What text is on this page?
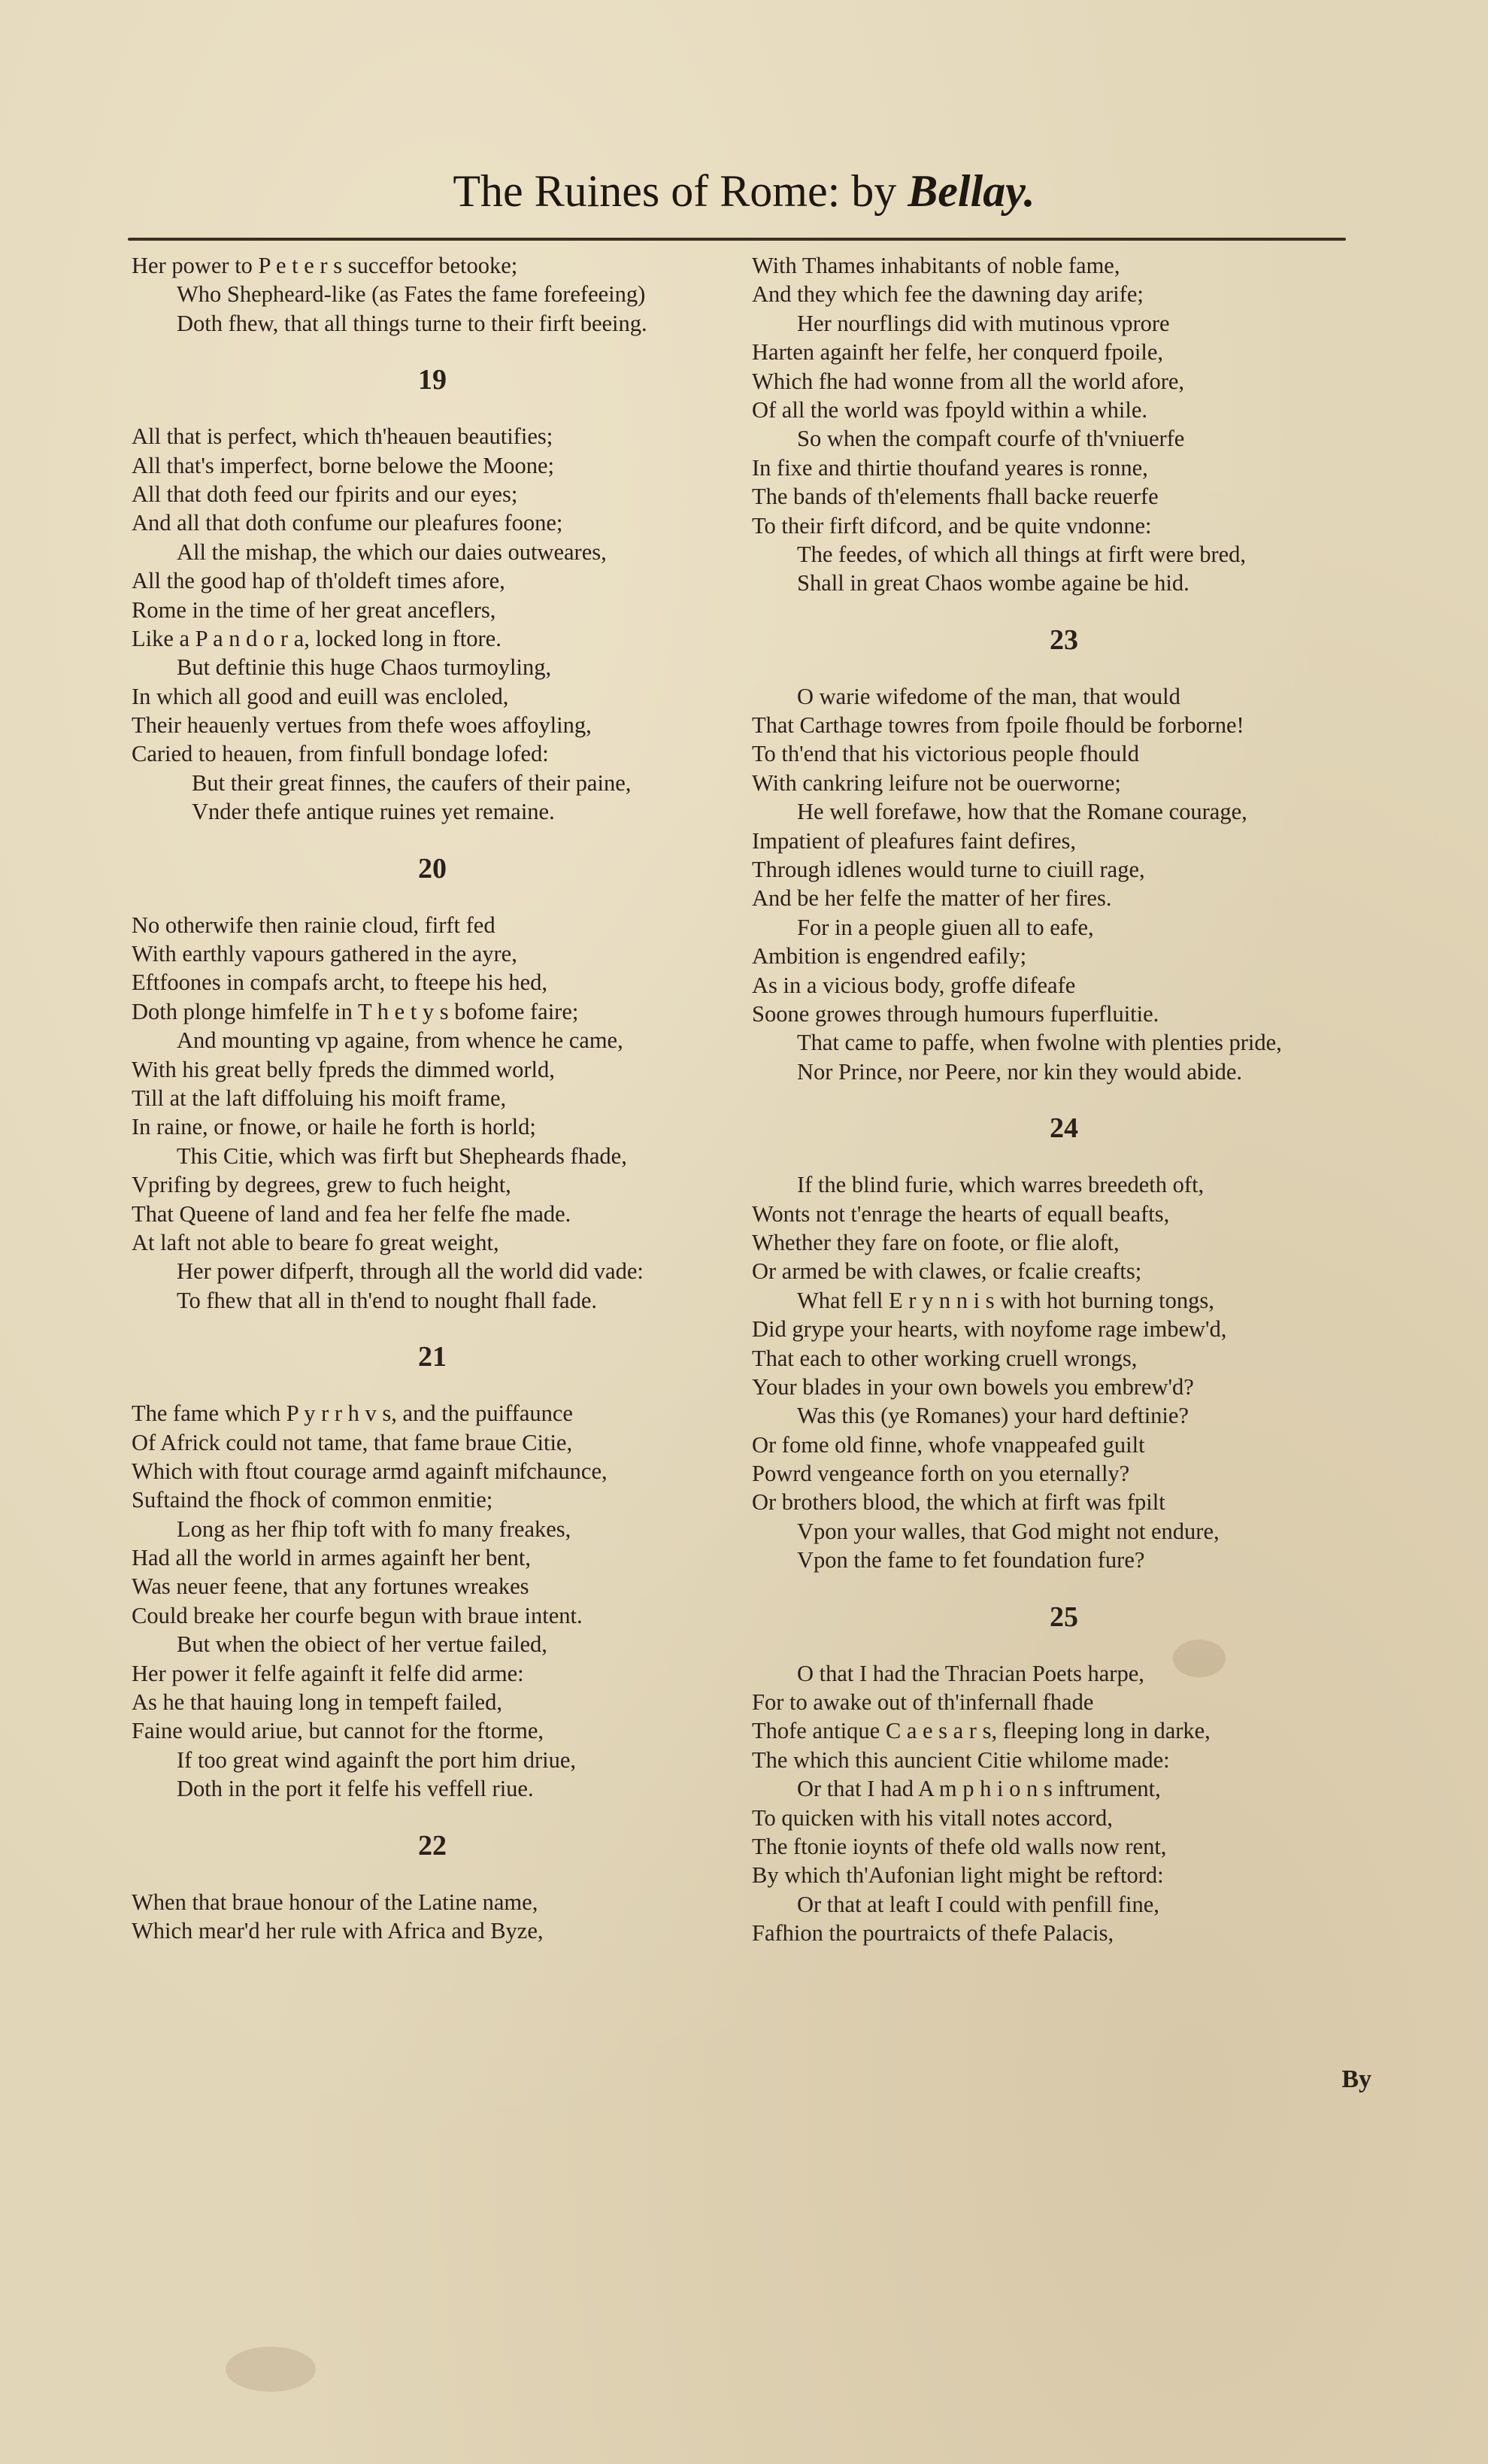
The Ruines of Rome: by Bellay.
Her power to P e t e r s succeffor betooke;
Who Shepheard-like (as Fates the fame forefeeing)
Doth fhew, that all things turne to their firft beeing.
19
All that is perfect, which th'heauen beautifies;
All that's imperfect, borne belowe the Moone;
All that doth feed our fpirits and our eyes;
And all that doth confume our pleafures foone;
All the mishap, the which our daies outweares,
All the good hap of th'oldeft times afore,
Rome in the time of her great anceflers,
Like a P a n d o r a, locked long in ftore.
But deftinie this huge Chaos turmoyling,
In which all good and euill was encloled,
Their heauenly vertues from thefe woes affoyling,
Caried to heauen, from finfull bondage lofed:
But their great finnes, the caufers of their paine,
Vnder thefe antique ruines yet remaine.
20
No otherwife then rainie cloud, firft fed
With earthly vapours gathered in the ayre,
Eftfoones in compafs archt, to fteepe his hed,
Doth plonge himfelfe in T h e t y s bofome faire;
And mounting vp againe, from whence he came,
With his great belly fpreds the dimmed world,
Till at the laft diffoluing his moift frame,
In raine, or fnowe, or haile he forth is horld;
This Citie, which was firft but Shepheards fhade,
Vprifing by degrees, grew to fuch height,
That Queene of land and fea her felfe fhe made.
At laft not able to beare fo great weight,
Her power difperft, through all the world did vade:
To fhew that all in th'end to nought fhall fade.
21
The fame which P y r r h v s, and the puiffaunce
Of Africk could not tame, that fame braue Citie,
Which with ftout courage armd againft mifchaunce,
Suftaind the fhock of common enmitie;
Long as her fhip toft with fo many freakes,
Had all the world in armes againft her bent,
Was neuer feene, that any fortunes wreakes
Could breake her courfe begun with braue intent.
But when the obiect of her vertue failed,
Her power it felfe againft it felfe did arme:
As he that hauing long in tempeft failed,
Faine would ariue, but cannot for the ftorme,
If too great wind againft the port him driue,
Doth in the port it felfe his veffell riue.
22
When that braue honour of the Latine name,
Which mear'd her rule with Africa and Byze,
With Thames inhabitants of noble fame,
And they which fee the dawning day arife;
Her nourflings did with mutinous vprore
Harten againft her felfe, her conquerd fpoile,
Which fhe had wonne from all the world afore,
Of all the world was fpoyld within a while.
So when the compaft courfe of th'vniuerfe
In fixe and thirtie thoufand yeares is ronne,
The bands of th'elements fhall backe reuerfe
To their firft difcord, and be quite vndonne:
The feedes, of which all things at firft were bred,
Shall in great Chaos wombe againe be hid.
23
O warie wifedome of the man, that would
That Carthage towres from fpoile fhould be forborne!
To th'end that his victorious people fhould
With cankring leifure not be ouerworne;
He well forefawe, how that the Romane courage,
Impatient of pleafures faint defires,
Through idlenes would turne to ciuill rage,
And be her felfe the matter of her fires.
For in a people giuen all to eafe,
Ambition is engendred eafily;
As in a vicious body, groffe difeafe
Soone growes through humours fuperfluitie.
That came to paffe, when fwolne with plenties pride,
Nor Prince, nor Peere, nor kin they would abide.
24
If the blind furie, which warres breedeth oft,
Wonts not t'enrage the hearts of equall beafts,
Whether they fare on foote, or flie aloft,
Or armed be with clawes, or fcalie creafts;
What fell E r y n n i s with hot burning tongs,
Did grype your hearts, with noyfome rage imbew'd,
That each to other working cruell wrongs,
Your blades in your own bowels you embrew'd?
Was this (ye Romanes) your hard deftinie?
Or fome old finne, whofe vnappeafed guilt
Powrd vengeance forth on you eternally?
Or brothers blood, the which at firft was fpilt
Vpon your walles, that God might not endure,
Vpon the fame to fet foundation fure?
25
O that I had the Thracian Poets harpe,
For to awake out of th'infernall fhade
Thofe antique C a e s a r s, fleeping long in darke,
The which this auncient Citie whilome made:
Or that I had A m p h i o n s inftrument,
To quicken with his vitall notes accord,
The ftonie ioynts of thefe old walls now rent,
By which th'Aufonian light might be reftord:
Or that at leaft I could with penfill fine,
Fafhion the pourtraicts of thefe Palacis,
By
